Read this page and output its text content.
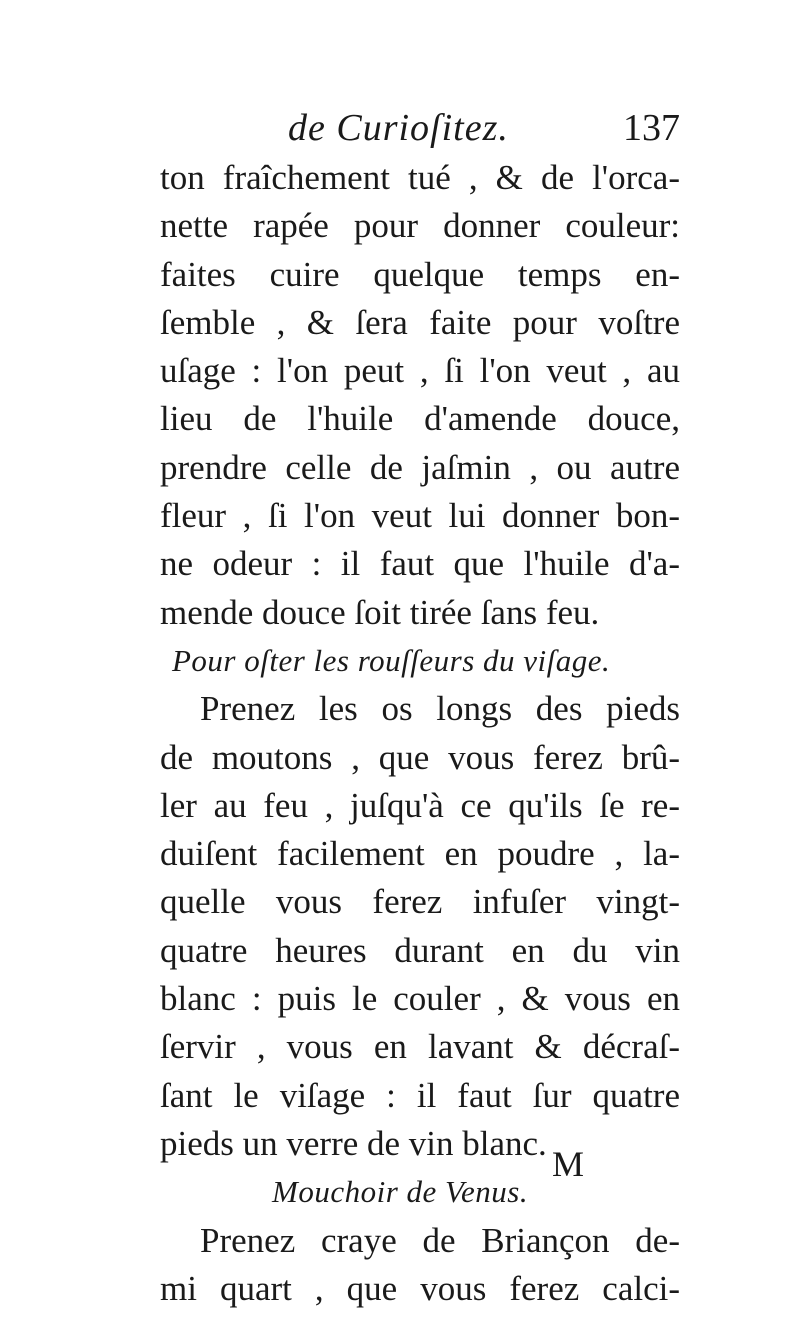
de Curioſitez.	137
ton fraîchement tué , & de l'orca-
nette rapée pour donner couleur:
faites cuire quelque temps en-
ſemble , & ſera faite pour voſtre
uſage : l'on peut , ſi l'on veut , au
lieu de l'huile d'amende douce,
prendre celle de jaſmin , ou autre
fleur , ſi l'on veut lui donner bon-
ne odeur : il faut que l'huile d'a-
mende douce ſoit tirée ſans feu.
Pour oſter les rouſſeurs du viſage.
Prenez les os longs des pieds
de moutons , que vous ferez brû-
ler au feu , juſqu'à ce qu'ils ſe re-
duiſent facilement en poudre , la-
quelle vous ferez infuſer vingt-
quatre heures durant en du vin
blanc : puis le couler , & vous en
ſervir , vous en lavant & décraſ-
ſant le viſage : il faut ſur quatre
pieds un verre de vin blanc.
Mouchoir de Venus.
Prenez craye de Briançon de-
mi quart , que vous ferez calci-
M
